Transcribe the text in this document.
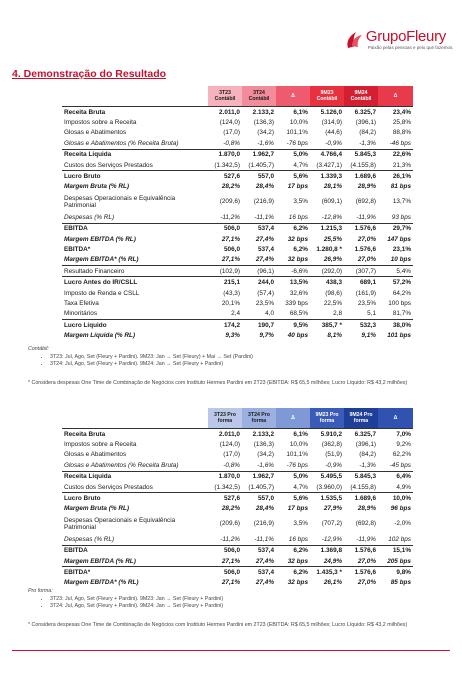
GrupoFleury
Paixão pelas pessoas e pelo que fazemos.
4. Demonstração do Resultado
	3T23 Contábil	3T24 Contábil	Δ	9M23 Contábil	9M24 Contábil	Δ
Receita Bruta	2.011,0	2.133,2	6,1%	5.126,0	6.325,7	23,4%
Impostos sobre a Receita	(124,0)	(136,3)	10,0%	(314,9)	(396,1)	25,8%
Glosas e Abatimentos	(17,0)	(34,2)	101,1%	(44,6)	(84,2)	88,8%
Glosas e Abatimentos (% Receita Bruta)	-0,8%	-1,6%	-76 bps	-0,9%	-1,3%	-46 bps
Receita Líquida	1.870,0	1.962,7	5,0%	4.766,4	5.845,3	22,6%
Custos dos Serviços Prestados	(1.342,5)	(1.405,7)	4,7%	(3.427,1)	(4.155,8)	21,3%
Lucro Bruto	527,6	557,0	5,6%	1.339,3	1.689,6	26,1%
Margem Bruta (% RL)	28,2%	28,4%	17 bps	28,1%	28,9%	81 bps
Despesas Operacionais e Equivalência Patrimonial	(209,6)	(216,9)	3,5%	(609,1)	(692,8)	13,7%
Despesas (% RL)	-11,2%	-11,1%	16 bps	-12,8%	-11,9%	93 bps
EBITDA	506,0	537,4	6,2%	1.215,3	1.576,6	29,7%
Margem EBITDA (% RL)	27,1%	27,4%	32 bps	25,5%	27,0%	147 bps
EBITDA*	506,0	537,4	6,2%	1.280,8 *	1.576,6	23,1%
Margem EBITDA* (% RL)	27,1%	27,4%	32 bps	26,9%	27,0%	10 bps
Resultado Financeiro	(102,9)	(96,1)	-6,6%	(292,0)	(307,7)	5,4%
Lucro Antes do IR/CSLL	215,1	244,0	13,5%	438,3	689,1	57,2%
Imposto de Renda e CSLL	(43,3)	(57,4)	32,6%	(98,6)	(161,9)	64,2%
Taxa Efetiva	20,1%	23,5%	339 bps	22,5%	23,5%	100 bps
Minoritários	2,4	4,0	68,5%	2,8	5,1	81,7%
Lucro Líquido	174,2	190,7	9,5%	385,7 *	532,3	38,0%
Margem Líquida (% RL)	9,3%	9,7%	40 bps	8,1%	9,1%	101 bps
Contábil:
• 3T23: Jul, Ago, Set (Fleury + Pardini). 9M23: Jan → Set (Fleury) + Mai → Set (Pardini)
• 3T24: Jul, Ago, Set (Fleury + Pardini). 9M24: Jan → Set (Fleury + Pardini)
* Considera despesas One Time de Combinação de Negócios com Instituto Hermes Pardini em 2T23 (EBITDA: R$ 65,5 milhões; Lucro Líquido: R$ 43,2 milhões)
	3T23 Pro forma	3T24 Pro forma	Δ	9M23 Pro forma	9M24 Pro forma	Δ
Receita Bruta	2.011,0	2.133,2	6,1%	5.910,2	6.325,7	7,0%
Impostos sobre a Receita	(124,0)	(136,3)	10,0%	(362,8)	(396,1)	9,2%
Glosas e Abatimentos	(17,0)	(34,2)	101,1%	(51,9)	(84,2)	62,2%
Glosas e Abatimentos (% Receita Bruta)	-0,8%	-1,6%	-76 bps	-0,9%	-1,3%	-45 bps
Receita Líquida	1.870,0	1.962,7	5,0%	5.495,5	5.845,3	6,4%
Custos dos Serviços Prestados	(1.342,5)	(1.405,7)	4,7%	(3.960,0)	(4.155,8)	4,9%
Lucro Bruto	527,6	557,0	5,6%	1.535,5	1.689,6	10,0%
Margem Bruta (% RL)	28,2%	28,4%	17 bps	27,9%	28,9%	96 bps
Despesas Operacionais e Equivalência Patrimonial	(209,6)	(216,9)	3,5%	(707,2)	(692,8)	-2,0%
Despesas (% RL)	-11,2%	-11,1%	16 bps	-12,9%	-11,9%	102 bps
EBITDA	506,0	537,4	6,2%	1.369,8	1.576,6	15,1%
Margem EBITDA (% RL)	27,1%	27,4%	32 bps	24,9%	27,0%	205 bps
EBITDA*	506,0	537,4	6,2%	1.435,3 *	1.576,6	9,8%
Margem EBITDA* (% RL)	27,1%	27,4%	32 bps	26,1%	27,0%	85 bps
Pro forma:
• 3T23: Jul, Ago, Set (Fleury + Pardini). 9M23: Jan → Set (Fleury + Pardini)
• 3T24: Jul, Ago, Set (Fleury + Pardini). 9M24: Jan → Set (Fleury + Pardini)
* Considera despesas One Time de Combinação de Negócios com Instituto Hermes Pardini em 2T23 (EBITDA: R$ 65,5 milhões; Lucro Líquido: R$ 43,2 milhões)
